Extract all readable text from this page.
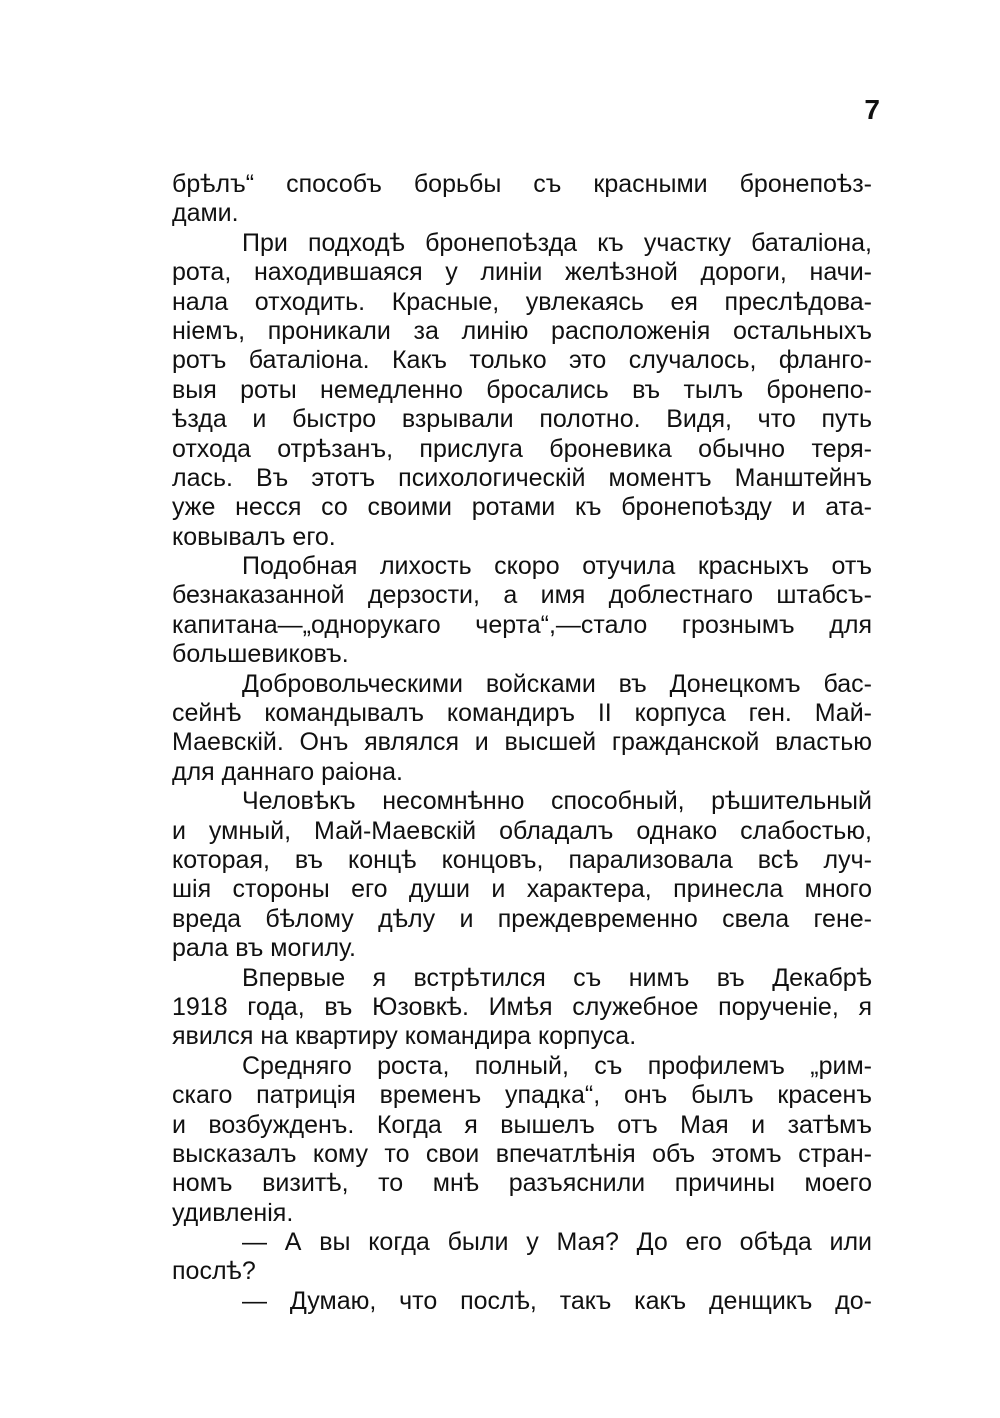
7
брѣлъ“ способъ борьбы съ красными бронепоѣз-
дами.
При подходѣ бронепоѣзда къ участку баталіона,
рота, находившаяся у линіи желѣзной дороги, начи-
нала отходить. Красные, увлекаясь ея преслѣдова-
ніемъ, проникали за линію расположенія остальныхъ
ротъ баталіона. Какъ только это случалось, фланго-
выя роты немедленно бросались въ тылъ бронепо-
ѣзда и быстро взрывали полотно. Видя, что путь
отхода отрѣзанъ, прислуга броневика обычно теря-
лась. Въ этотъ психологическій моментъ Манштейнъ
уже несся со своими ротами къ бронепоѣзду и ата-
ковывалъ его.
Подобная лихость скоро отучила красныхъ отъ
безнаказанной дерзости, а имя доблестнаго штабсъ-
капитана—„однорукаго черта“,—стало грознымъ для
большевиковъ.
Добровольческими войсками въ Донецкомъ бас-
сейнѣ командывалъ командиръ II корпуса ген. Май-
Маевскій. Онъ являлся и высшей гражданской властью
для даннаго раіона.
Человѣкъ несомнѣнно способный, рѣшительный
и умный, Май-Маевскій обладалъ однако слабостью,
которая, въ концѣ концовъ, парализовала всѣ луч-
шія стороны его души и характера, принесла много
вреда бѣлому дѣлу и преждевременно свела гене-
рала въ могилу.
Впервые я встрѣтился съ нимъ въ Декабрѣ
1918 года, въ Юзовкѣ. Имѣя служебное порученіе, я
явился на квартиру командира корпуса.
Средняго роста, полный, съ профилемъ „рим-
скаго патриція временъ упадка“, онъ былъ красенъ
и возбужденъ. Когда я вышелъ отъ Мая и затѣмъ
высказалъ кому то свои впечатлѣнія объ этомъ стран-
номъ визитѣ, то мнѣ разъяснили причины моего
удивленія.
— А вы когда были у Мая? До его обѣда или
послѣ?
— Думаю, что послѣ, такъ какъ денщикъ до-
